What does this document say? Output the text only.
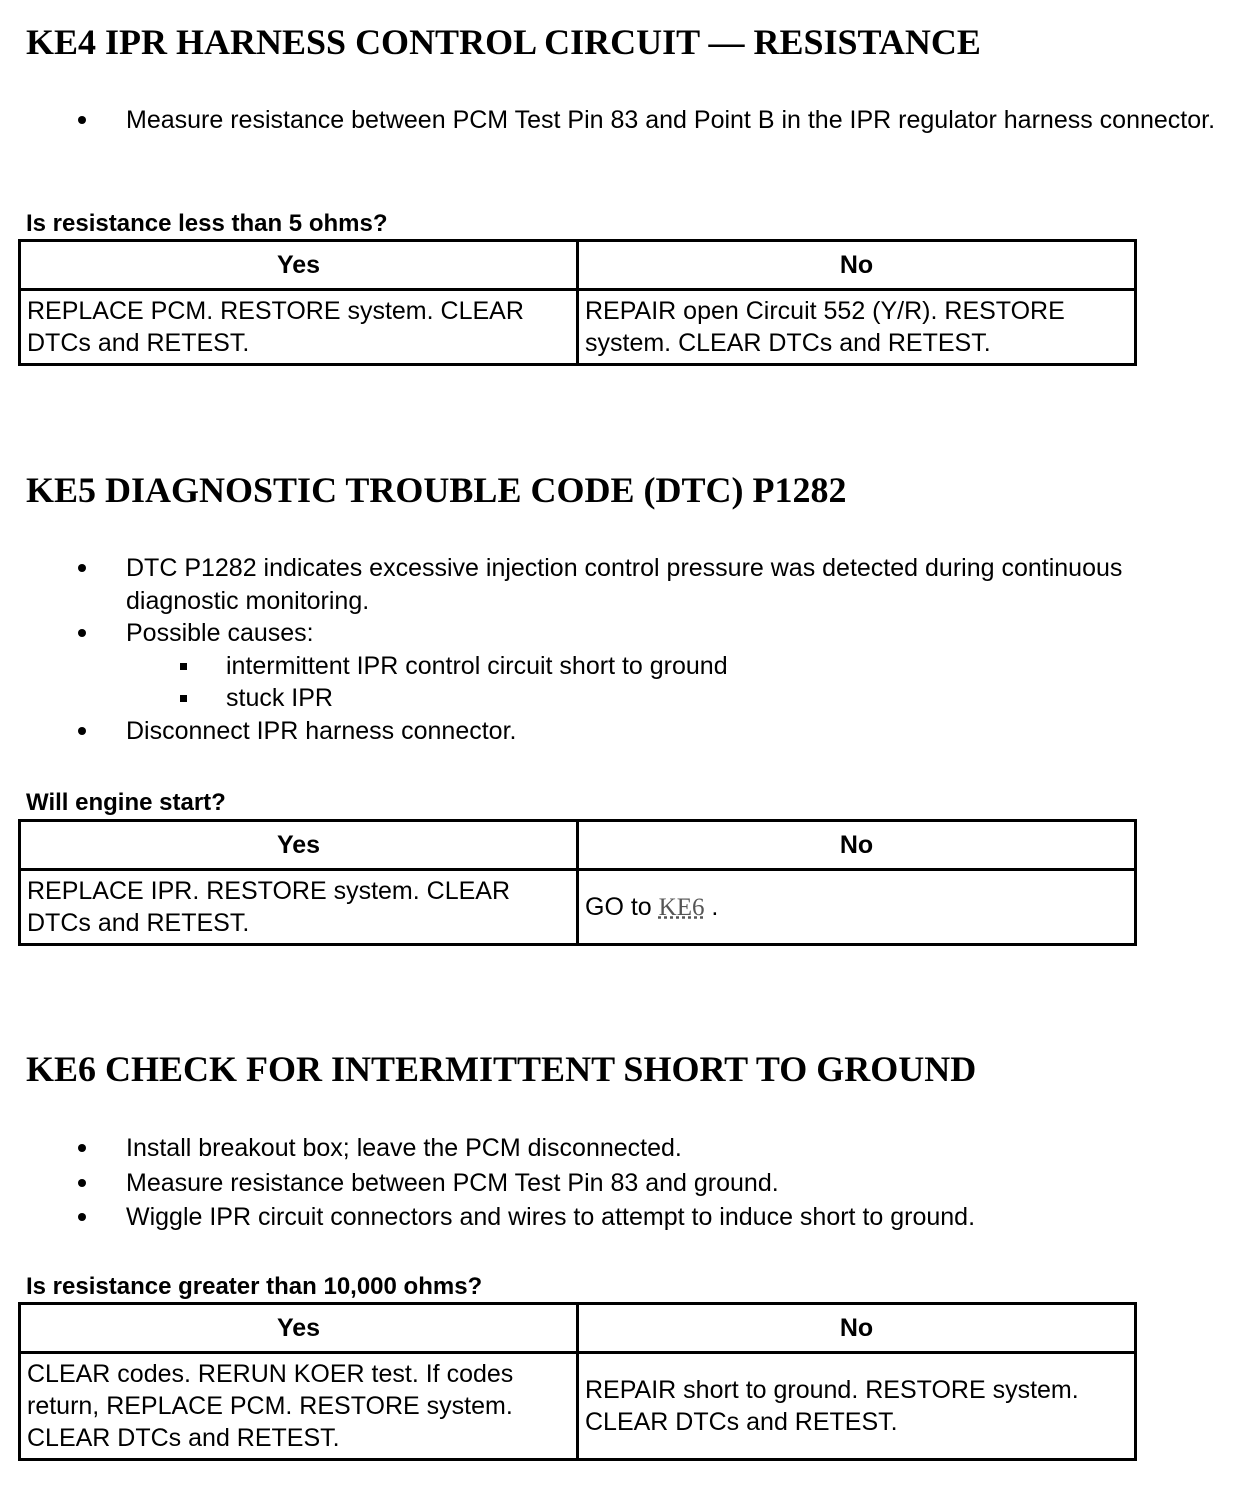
KE4 IPR HARNESS CONTROL CIRCUIT — RESISTANCE
Measure resistance between PCM Test Pin 83 and Point B in the IPR regulator harness connector.
Is resistance less than 5 ohms?
Yes	No
REPLACE PCM. RESTORE system. CLEAR DTCs and RETEST.	REPAIR open Circuit 552 (Y/R). RESTORE system. CLEAR DTCs and RETEST.
KE5 DIAGNOSTIC TROUBLE CODE (DTC) P1282
DTC P1282 indicates excessive injection control pressure was detected during continuous diagnostic monitoring.
Possible causes:
intermittent IPR control circuit short to ground
stuck IPR
Disconnect IPR harness connector.
Will engine start?
Yes	No
REPLACE IPR. RESTORE system. CLEAR DTCs and RETEST.	GO to KE6 .
KE6 CHECK FOR INTERMITTENT SHORT TO GROUND
Install breakout box; leave the PCM disconnected.
Measure resistance between PCM Test Pin 83 and ground.
Wiggle IPR circuit connectors and wires to attempt to induce short to ground.
Is resistance greater than 10,000 ohms?
Yes	No
CLEAR codes. RERUN KOER test. If codes return, REPLACE PCM. RESTORE system. CLEAR DTCs and RETEST.	REPAIR short to ground. RESTORE system. CLEAR DTCs and RETEST.
